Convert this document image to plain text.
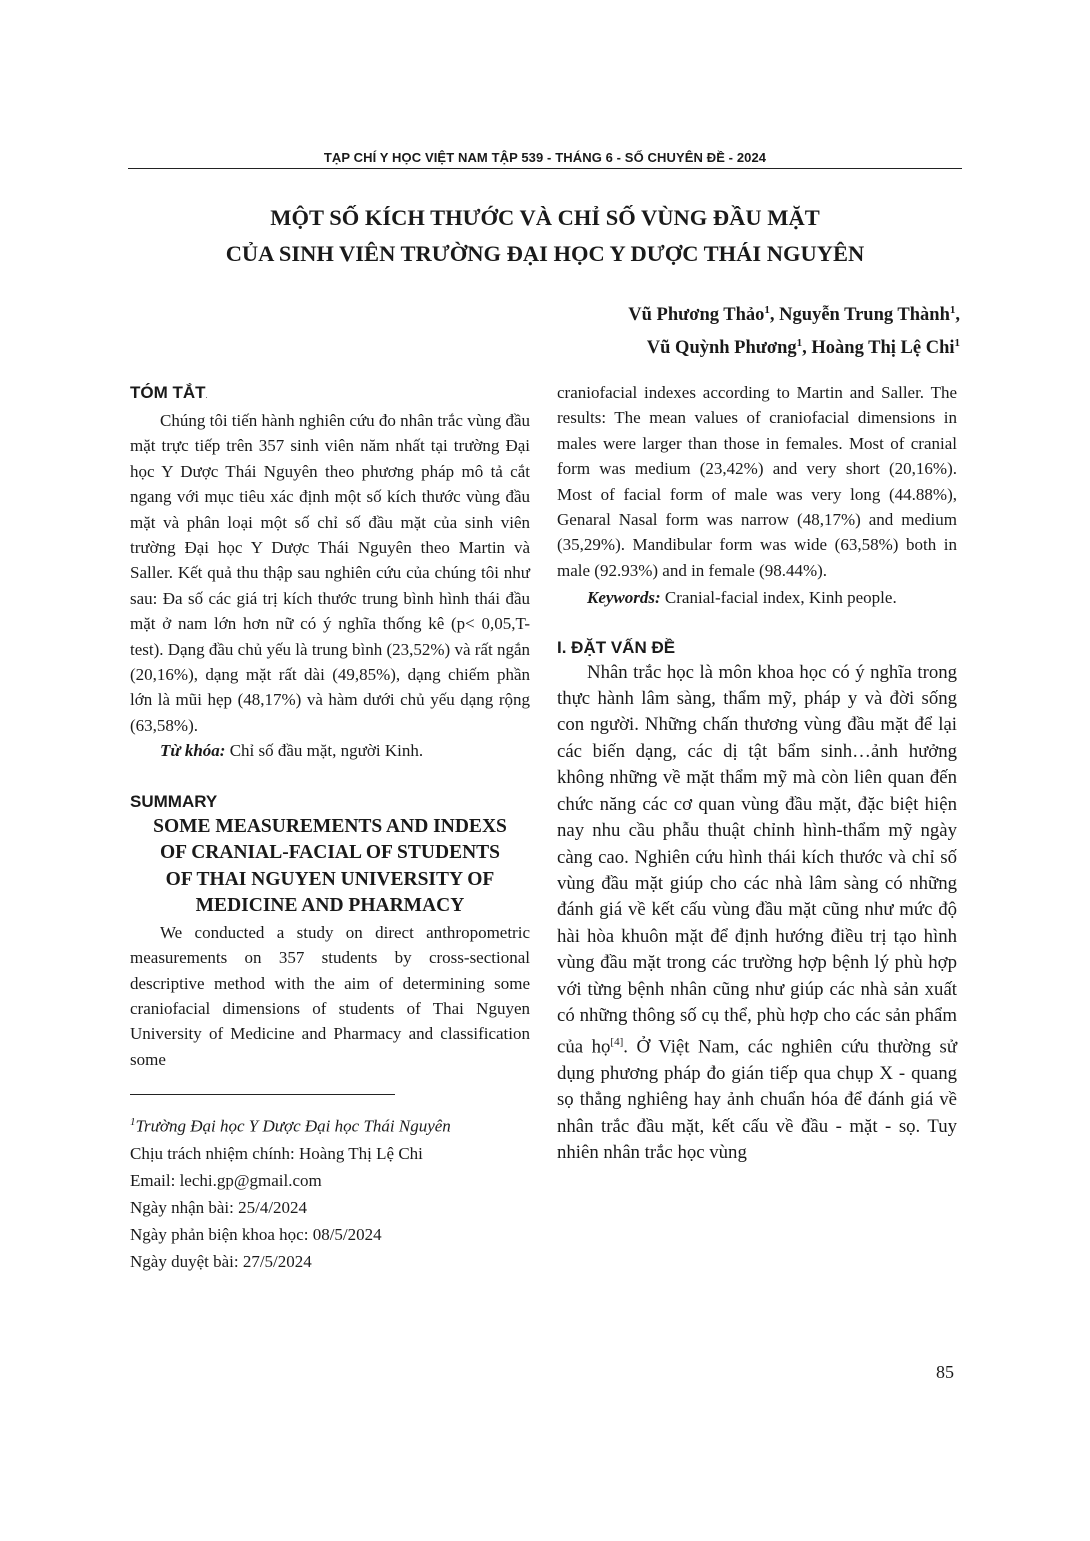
TẠP CHÍ Y HỌC VIỆT NAM TẬP 539 - THÁNG 6 - SỐ CHUYÊN ĐỀ - 2024
MỘT SỐ KÍCH THƯỚC VÀ CHỈ SỐ VÙNG ĐẦU MẶT
CỦA SINH VIÊN TRƯỜNG ĐẠI HỌC Y DƯỢC THÁI NGUYÊN
Vũ Phương Thảo$^1$, Nguyễn Trung Thành$^1$,
Vũ Quỳnh Phương$^1$, Hoàng Thị Lệ Chi$^1$
TÓM TẮT.

Chúng tôi tiến hành nghiên cứu đo nhân trắc vùng đầu mặt trực tiếp trên 357 sinh viên năm nhất tại trường Đại học Y Dược Thái Nguyên theo phương pháp mô tả cắt ngang với mục tiêu xác định một số kích thước vùng đầu mặt và phân loại một số chỉ số đầu mặt của sinh viên trường Đại học Y Dược Thái Nguyên theo Martin và Saller. Kết quả thu thập sau nghiên cứu của chúng tôi như sau: Đa số các giá trị kích thước trung bình hình thái đầu mặt ở nam lớn hơn nữ có ý nghĩa thống kê (p< 0,05,T-test). Dạng đầu chủ yếu là trung bình (23,52%) và rất ngắn (20,16%), dạng mặt rất dài (49,85%), dạng chiếm phần lớn là mũi hẹp (48,17%) và hàm dưới chủ yếu dạng rộng (63,58%).

Từ khóa: Chỉ số đầu mặt, người Kinh.

SUMMARY

SOME MEASUREMENTS AND INDEXS

OF CRANIAL-FACIAL OF STUDENTS

OF THAI NGUYEN UNIVERSITY OF

MEDICINE AND PHARMACY

We conducted a study on direct anthropometric measurements on 357 students by cross-sectional descriptive method with the aim of determining some craniofacial dimensions of students of Thai Nguyen University of Medicine and Pharmacy and classification some

$^1$Trường Đại học Y Dược Đại học Thái Nguyên

Chịu trách nhiệm chính: Hoàng Thị Lệ Chi

Email: lechi.gp@gmail.com

Ngày nhận bài: 25/4/2024

Ngày phản biện khoa học: 08/5/2024

Ngày duyệt bài: 27/5/2024

craniofacial indexes according to Martin and Saller. The results: The mean values of craniofacial dimensions in males were larger than those in females. Most of cranial form was medium (23,42%) and very short (20,16%). Most of facial form of male was very long (44.88%), Genaral Nasal form was narrow (48,17%) and medium (35,29%). Mandibular form was wide (63,58%) both in male (92.93%) and in female (98.44%).

Keywords: Cranial-facial index, Kinh people.

I. ĐẶT VẤN ĐỀ

Nhân trắc học là môn khoa học có ý nghĩa trong thực hành lâm sàng, thẩm mỹ, pháp y và đời sống con người. Những chấn thương vùng đầu mặt để lại các biến dạng, các dị tật bẩm sinh…ảnh hưởng không những về mặt thẩm mỹ mà còn liên quan đến chức năng các cơ quan vùng đầu mặt, đặc biệt hiện nay nhu cầu phẫu thuật chỉnh hình-thẩm mỹ ngày càng cao. Nghiên cứu hình thái kích thước và chỉ số vùng đầu mặt giúp cho các nhà lâm sàng có những đánh giá về kết cấu vùng đầu mặt cũng như mức độ hài hòa khuôn mặt để định hướng điều trị tạo hình vùng đầu mặt trong các trường hợp bệnh lý phù hợp với từng bệnh nhân cũng như giúp các nhà sản xuất có những thông số cụ thể, phù hợp cho các sản phẩm của họ[4]. Ở Việt Nam, các nghiên cứu thường sử dụng phương pháp đo gián tiếp qua chụp X - quang sọ thẳng nghiêng hay ảnh chuẩn hóa để đánh giá về nhân trắc đầu mặt, kết cấu về đầu - mặt - sọ. Tuy nhiên nhân trắc học vùng

85
